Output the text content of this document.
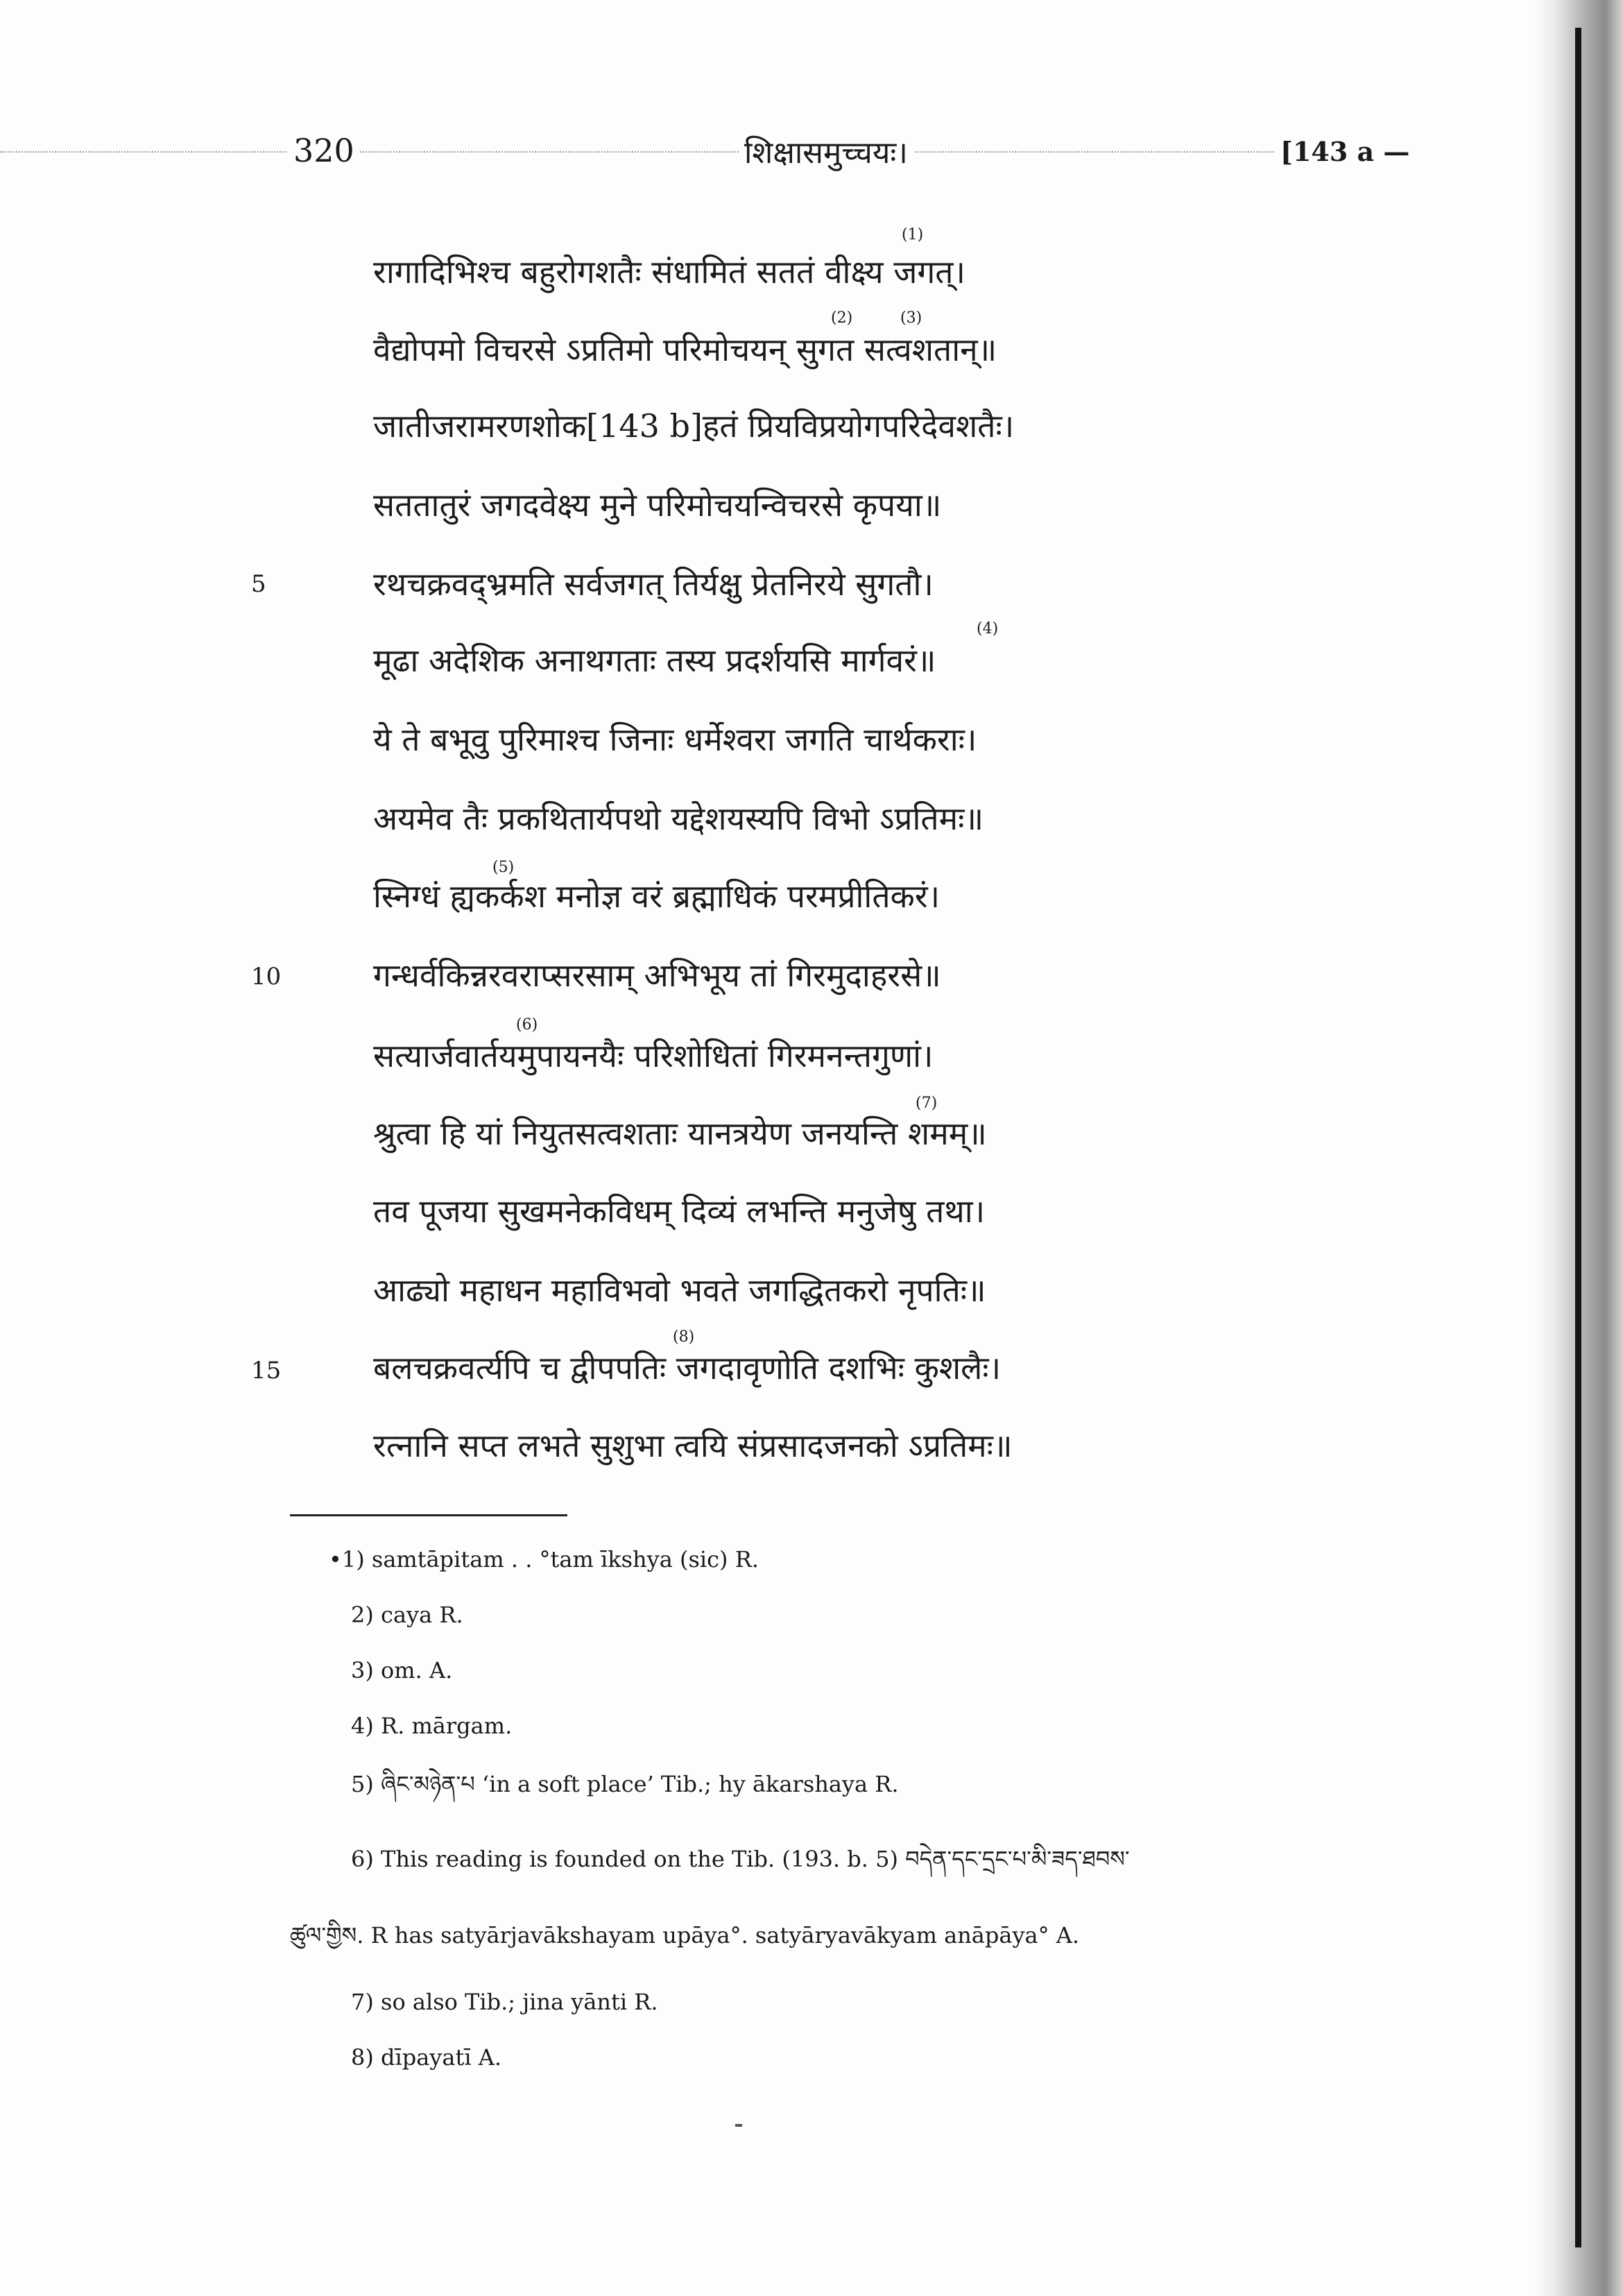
320	शिक्षासमुच्चयः।	[143 a —
(1)
(2)	(3)
(4)
(5)
(6)
(7)
(8)
रागादिभिश्च बहुरोगशतैः संधामितं सततं वीक्ष्य जगत्।
वैद्योपमो विचरसे ऽप्रतिमो परिमोचयन् सुगत सत्वशतान्॥
जातीजरामरणशोक[143 b]हतं प्रियविप्रयोगपरिदेवशतैः।
सततातुरं जगदवेक्ष्य मुने परिमोचयन्विचरसे कृपया॥
रथचक्रवद्भ्रमति सर्वजगत् तिर्यक्षु प्रेतनिरये सुगतौ।
मूढा अदेशिक अनाथगताः तस्य प्रदर्शयसि मार्गवरं॥
ये ते बभूवु पुरिमाश्च जिनाः धर्मेश्वरा जगति चार्थकराः।
अयमेव तैः प्रकथितार्यपथो यद्देशयस्यपि विभो ऽप्रतिमः॥
स्निग्धं ह्यकर्कश मनोज्ञ वरं ब्रह्माधिकं परमप्रीतिकरं।
गन्धर्वकिन्नरवराप्सरसाम् अभिभूय तां गिरमुदाहरसे॥
सत्यार्जवार्तयमुपायनयैः परिशोधितां गिरमनन्तगुणां।
श्रुत्वा हि यां नियुतसत्वशताः यानत्रयेण जनयन्ति शमम्॥
तव पूजया सुखमनेकविधम् दिव्यं लभन्ति मनुजेषु तथा।
आढ्यो महाधन महाविभवो भवते जगद्धितकरो नृपतिः॥
बलचक्रवर्त्यपि च द्वीपपतिः जगदावृणोति दशभिः कुशलैः।
रत्नानि सप्त लभते सुशुभा त्वयि संप्रसादजनको ऽप्रतिमः॥
5
10
15
•1) samtāpitam . . °tam īkshya (sic) R.
2) caya R.
3) om. A.
4) R. mārgam.
5) ཞིང་མཉེན་པ ‘in a soft place’ Tib.; hy ākarshaya R.
6) This reading is founded on the Tib. (193. b. 5) བདེན་དང་དྲང་པ་མི་ཟད་ཐབས་
ཚུལ་གྱིས. R has satyārjavākshayam upāya°. satyāryavākyam anāpāya° A.
7) so also Tib.; jina yānti R.
8) dīpayatī A.
